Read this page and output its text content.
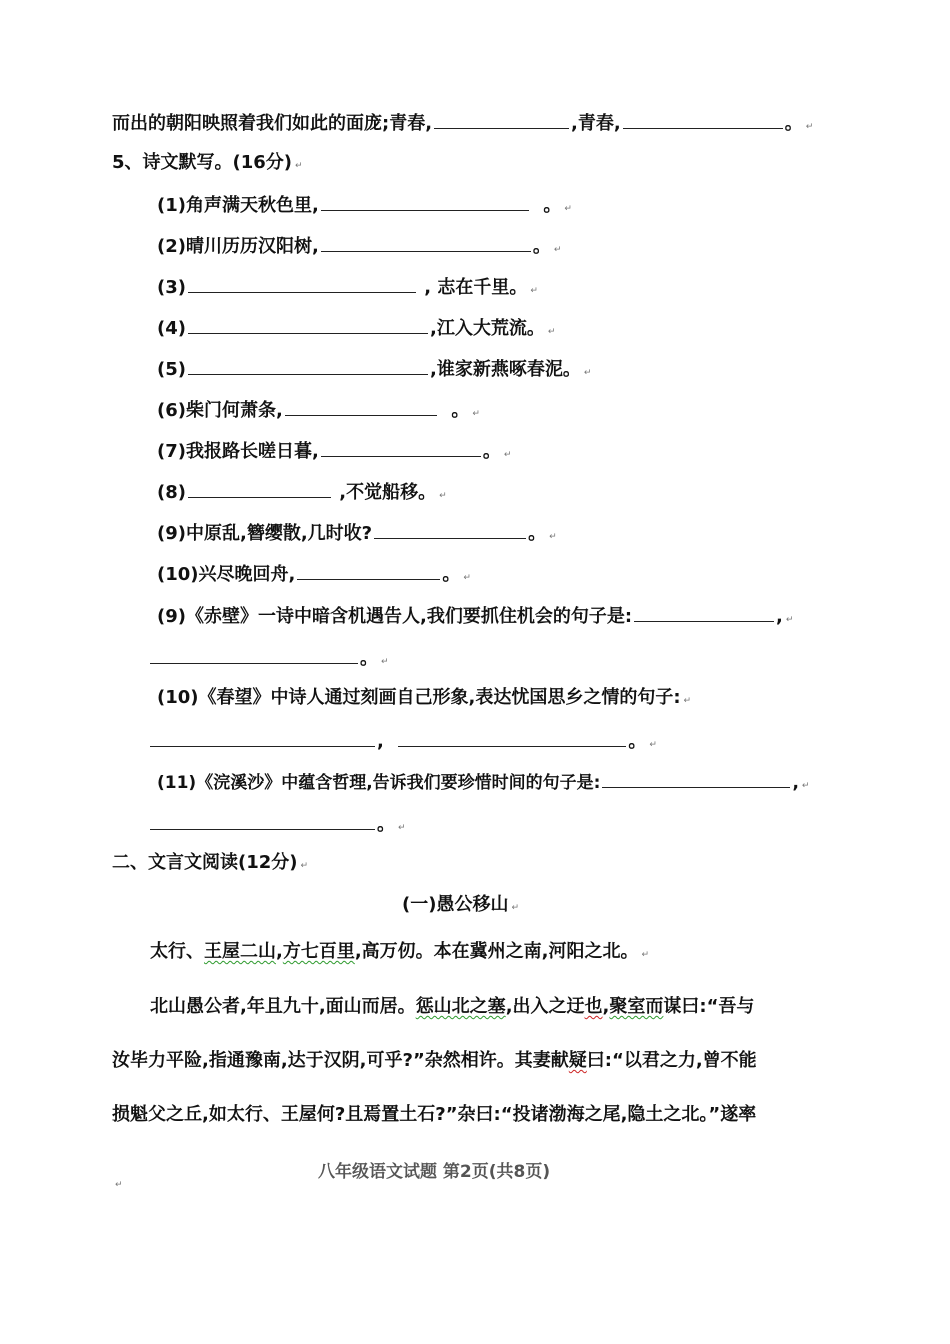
而出的朝阳映照着我们如此的面庞;青春,	,青春,	。 ↵
5、诗文默写。(16分) ↵
(1)角声满天秋色里,	。 ↵
(2)晴川历历汉阳树,	。 ↵
(3)	, 志在千里。 ↵
(4)	,江入大荒流。 ↵
(5)	,谁家新燕啄春泥。 ↵
(6)柴门何萧条,	。 ↵
(7)我报路长嗟日暮,	。 ↵
(8)	,不觉船移。 ↵
(9)中原乱,簪缨散,几时收?	。 ↵
(10)兴尽晚回舟,	。 ↵
(9)《赤壁》一诗中暗含机遇告人,我们要抓住机会的句子是:	, ↵
。 ↵
(10)《春望》中诗人通过刻画自己形象,表达忧国思乡之情的句子: ↵
,	。 ↵
(11)《浣溪沙》中蕴含哲理,告诉我们要珍惜时间的句子是:	, ↵
。 ↵
二、文言文阅读(12分) ↵
(一)愚公移山 ↵
太行、王屋二山,方七百里,高万仞。本在冀州之南,河阳之北。 ↵
北山愚公者,年且九十,面山而居。惩山北之塞,出入之迂也,聚室而谋曰:“吾与
汝毕力平险,指通豫南,达于汉阴,可乎?”杂然相许。其妻献疑曰:“以君之力,曾不能
损魁父之丘,如太行、王屋何?且焉置土石?”杂曰:“投诸渤海之尾,隐土之北。”遂率
八年级语文试题 第2页(共8页)
↵
